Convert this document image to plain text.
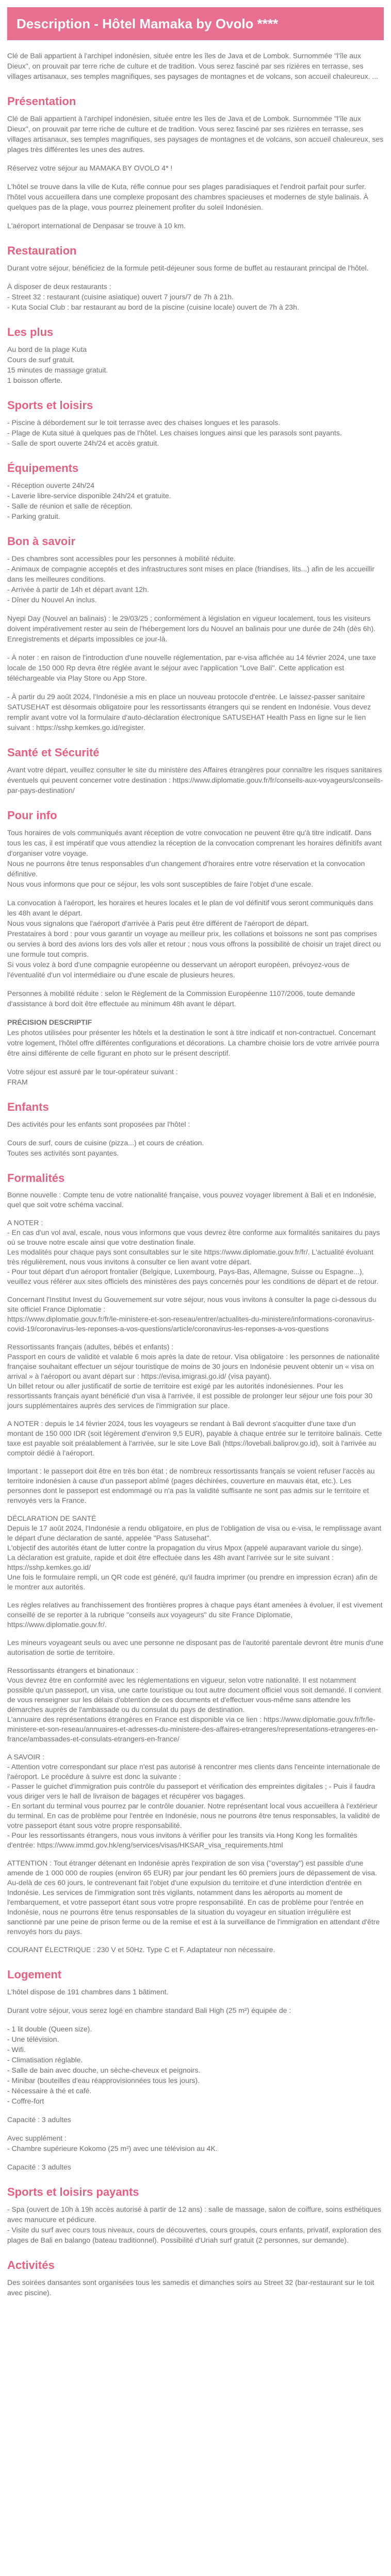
Description - Hôtel Mamaka by Ovolo ****

Clé de Bali appartient à l'archipel indonésien, située entre les îles de Java et de Lombok. Surnommée "l'île aux Dieux", on prouvait par terre riche de culture et de tradition. Vous serez fasciné par ses rizières en terrasse, ses villages artisanaux, ses temples magnifiques, ses paysages de montagnes et de volcans, son accueil chaleureux. ...

Présentation

Clé de Bali appartient à l'archipel indonésien, située entre les îles de Java et de Lombok. Surnommée "l'île aux Dieux", on prouvait par terre riche de culture et de tradition. Vous serez fasciné par ses rizières en terrasse, ses villages artisanaux, ses temples magnifiques, ses paysages de montagnes et de volcans, son accueil chaleureux, ses plages très différentes les unes des autres.

Réservez votre séjour au MAMAKA BY OVOLO 4* !

L'hôtel se trouve dans la ville de Kuta, réfle connue pour ses plages paradisiaques et l'endroit parfait pour surfer. l'hôtel vous accueillera dans une complexe proposant des chambres spacieuses et modernes de style balinais. À quelques pas de la plage, vous pourrez pleinement profiter du soleil Indonésien.

L'aéroport international de Denpasar se trouve à 10 km.

Restauration

Durant votre séjour, bénéficiez de la formule petit-déjeuner sous forme de buffet au restaurant principal de l'hôtel.

À disposer de deux restaurants :
- Street 32 : restaurant (cuisine asiatique) ouvert 7 jours/7 de 7h à 21h.
- Kuta Social Club : bar restaurant au bord de la piscine (cuisine locale) ouvert de 7h à 23h.

Les plus
Au bord de la plage Kuta
Cours de surf gratuit.
15 minutes de massage gratuit.
1 boisson offerte.
Sports et loisirs
- Piscine à débordement sur le toit terrasse avec des chaises longues et les parasols.
- Plage de Kuta situé à quelques pas de l'hôtel. Les chaises longues ainsi que les parasols sont payants.
- Salle de sport ouverte 24h/24 et accès gratuit.
Équipements
- Réception ouverte 24h/24
- Laverie libre-service disponible 24h/24 et gratuite.
- Salle de réunion et salle de réception.
- Parking gratuit.
Bon à savoir

- Des chambres sont accessibles pour les personnes à mobilité réduite.
- Animaux de compagnie acceptés et des infrastructures sont mises en place (friandises, lits...) afin de les accueillir dans les meilleures conditions.
- Arrivée à partir de 14h et départ avant 12h.
- Dîner du Nouvel An inclus.

Nyepi Day (Nouvel an balinais) : le 29/03/25 ; conformément à législation en vigueur localement, tous les visiteurs doivent impérativement rester au sein de l'hébergement lors du Nouvel an balinais pour une durée de 24h (dès 6h). Enregistrements et départs impossibles ce jour-là.

- À noter : en raison de l'introduction d'une nouvelle réglementation, par e-visa affichée au 14 février 2024, une taxe locale de 150 000 Rp devra être réglée avant le séjour avec l'application "Love Bali". Cette application est téléchargeable via Play Store ou App Store.

- À partir du 29 août 2024, l'Indonésie a mis en place un nouveau protocole d'entrée. Le laissez-passer sanitaire SATUSEHAT est désormais obligatoire pour les ressortissants étrangers qui se rendent en Indonésie. Vous devez remplir avant votre vol la formulaire d'auto-déclaration électronique SATUSEHAT Health Pass en ligne sur le lien suivant : https://sshp.kemkes.go.id/register.

Santé et Sécurité

Avant votre départ, veuillez consulter le site du ministère des Affaires étrangères pour connaître les risques sanitaires éventuels qui peuvent concerner votre destination : https://www.diplomatie.gouv.fr/fr/conseils-aux-voyageurs/conseils-par-pays-destination/

Pour info

Tous horaires de vols communiqués avant réception de votre convocation ne peuvent être qu'à titre indicatif. Dans tous les cas, il est impératif que vous attendiez la réception de la convocation comprenant les horaires définitifs avant d'organiser votre voyage.
Nous ne pourrons être tenus responsables d'un changement d'horaires entre votre réservation et la convocation définitive.
Nous vous informons que pour ce séjour, les vols sont susceptibles de faire l'objet d'une escale.

La convocation à l'aéroport, les horaires et heures locales et le plan de vol définitif vous seront communiqués dans les 48h avant le départ.
Nous vous signalons que l'aéroport d'arrivée à Paris peut être différent de l'aéroport de départ.
Prestataires à bord : pour vous garantir un voyage au meilleur prix, les collations et boissons ne sont pas comprises ou servies à bord des avions lors des vols aller et retour ; nous vous offrons la possibilité de choisir un trajet direct ou une formule tout compris.
Si vous volez à bord d'une compagnie européenne ou desservant un aéroport européen, prévoyez-vous de l'éventualité d'un vol intermédiaire ou d'une escale de plusieurs heures.

Personnes à mobilité réduite : selon le Règlement de la Commission Européenne 1107/2006, toute demande d'assistance à bord doit être effectuée au minimum 48h avant le départ.

PRÉCISION DESCRIPTIF

Les photos utilisées pour présenter les hôtels et la destination le sont à titre indicatif et non-contractuel. Concernant votre logement, l'hôtel offre différentes configurations et décorations. La chambre choisie lors de votre arrivée pourra être ainsi différente de celle figurant en photo sur le présent descriptif.

Votre séjour est assuré par le tour-opérateur suivant :
FRAM

Enfants

Des activités pour les enfants sont proposées par l'hôtel :

Cours de surf, cours de cuisine (pizza...) et cours de création.
Toutes ses activités sont payantes.

Formalités

Bonne nouvelle : Compte tenu de votre nationalité française, vous pouvez voyager librement à Bali et en Indonésie, quel que soit votre schéma vaccinal.

A NOTER :
- En cas d'un vol aval, escale, nous vous informons que vous devrez être conforme aux formalités sanitaires du pays où se trouve notre escale ainsi que votre destination finale.
Les modalités pour chaque pays sont consultables sur le site https://www.diplomatie.gouv.fr/fr/. L'actualité évoluant très régulièrement, nous vous invitons à consulter ce lien avant votre départ.
- Pour tout départ d'un aéroport frontalier (Belgique, Luxembourg, Pays-Bas, Allemagne, Suisse ou Espagne...), veuillez vous référer aux sites officiels des ministères des pays concernés pour les conditions de départ et de retour.

Concernant l'Institut Invest du Gouvernement sur votre séjour, nous vous invitons à consulter la page ci-dessous du site officiel France Diplomatie :
https://www.diplomatie.gouv.fr/fr/le-ministere-et-son-reseau/entrer/actualites-du-ministere/informations-coronavirus-covid-19/coronavirus-les-reponses-a-vos-questions/article/coronavirus-les-reponses-a-vos-questions

Ressortissants français (adultes, bébés et enfants) :
Passport en cours de validité et valable 6 mois après la date de retour. Visa obligatoire : les personnes de nationalité française souhaitant effectuer un séjour touristique de moins de 30 jours en Indonésie peuvent obtenir un « visa on arrival » à l'aéroport ou avant départ sur : https://evisa.imigrasi.go.id/ (visa payant).
Un billet retour ou aller justificatif de sortie de territoire est exigé par les autorités indonésiennes. Pour les ressortissants français ayant bénéficié d'un visa à l'arrivée, il est possible de prolonger leur séjour une fois pour 30 jours supplémentaires auprès des services de l'immigration sur place.

A NOTER : depuis le 14 février 2024, tous les voyageurs se rendant à Bali devront s'acquitter d'une taxe d'un montant de 150 000 IDR (soit légèrement d'environ 9,5 EUR), payable à chaque entrée sur le territoire balinais. Cette taxe est payable soit préalablement à l'arrivée, sur le site Love Bali (https://lovebali.baliprov.go.id), soit à l'arrivée au comptoir dédié à l'aéroport.

Important : le passeport doit être en très bon état ; de nombreux ressortissants français se voient refuser l'accès au territoire indonésien à cause d'un passeport abîmé (pages déchirées, couverture en mauvais état, etc.). Les personnes dont le passeport est endommagé ou n'a pas la validité suffisante ne sont pas admis sur le territoire et renvoyés vers la France.

DÉCLARATION DE SANTÉ
Depuis le 17 août 2024, l'Indonésie a rendu obligatoire, en plus de l'obligation de visa ou e-visa, le remplissage avant le départ d'une déclaration de santé, appelée "Pass Satusehat".
L'objectif des autorités étant de lutter contre la propagation du virus Mpox (appelé auparavant variole du singe).
La déclaration est gratuite, rapide et doit être effectuée dans les 48h avant l'arrivée sur le site suivant :
https://sshp.kemkes.go.id/
Une fois le formulaire rempli, un QR code est généré, qu'il faudra imprimer (ou prendre en impression écran) afin de le montrer aux autorités.

Les règles relatives au franchissement des frontières propres à chaque pays étant amenées à évoluer, il est vivement conseillé de se reporter à la rubrique "conseils aux voyageurs" du site France Diplomatie, https://www.diplomatie.gouv.fr/.

Les mineurs voyageant seuls ou avec une personne ne disposant pas de l'autorité parentale devront être munis d'une autorisation de sortie de territoire.

Ressortissants étrangers et binationaux :
Vous devrez être en conformité avec les réglementations en vigueur, selon votre nationalité. Il est notamment possible qu'un passeport, un visa, une carte touristique ou tout autre document officiel vous soit demandé. Il convient de vous renseigner sur les délais d'obtention de ces documents et d'effectuer vous-même sans attendre les démarches auprès de l'ambassade ou du consulat du pays de destination.
L'annuaire des représentations étrangères en France est disponible via ce lien : https://www.diplomatie.gouv.fr/fr/le-ministere-et-son-reseau/annuaires-et-adresses-du-ministere-des-affaires-etrangeres/representations-etrangeres-en-france/ambassades-et-consulats-etrangers-en-france/

A SAVOIR :
- Attention votre correspondant sur place n'est pas autorisé à rencontrer mes clients dans l'enceinte internationale de l'aéroport. Le procédure à suivre est donc la suivante :
- Passer le guichet d'immigration puis contrôle du passeport et vérification des empreintes digitales ; - Puis il faudra vous diriger vers le hall de livraison de bagages et récupérer vos bagages.
- En sortant du terminal vous pourrez par le contrôle douanier. Notre représentant local vous accueillera à l'extérieur du terminal. En cas de problème pour l'entrée en Indonésie, nous ne pourrons être tenus responsables, la validité de votre passeport étant sous votre propre responsabilité.
- Pour les ressortissants étrangers, nous vous invitons à vérifier pour les transits via Hong Kong les formalités d'entrée: https://www.immd.gov.hk/eng/services/visas/HKSAR_visa_requirements.html

ATTENTION : Tout étranger détenant en Indonésie après l'expiration de son visa ("overstay") est passible d'une amende de 1 000 000 de roupies (environ 65 EUR) par jour pendant les 60 premiers jours de dépassement de visa. Au-delà de ces 60 jours, le contrevenant fait l'objet d'une expulsion du territoire et d'une interdiction d'entrée en Indonésie. Les services de l'immigration sont très vigilants, notamment dans les aéroports au moment de l'embarquement, et votre passeport étant sous votre propre responsabilité. En cas de problème pour l'entrée en Indonésie, nous ne pourrons être tenus responsables de la situation du voyageur en situation irrégulière est sanctionné par une peine de prison ferme ou de la remise et est à la surveillance de l'immigration en attendant d'être renvoyés hors du pays.

COURANT ÉLECTRIQUE : 230 V et 50Hz. Type C et F. Adaptateur non nécessaire.

Logement

L'hôtel dispose de 191 chambres dans 1 bâtiment.

Durant votre séjour, vous serez logé en chambre standard Bali High (25 m²) équipée de :

- 1 lit double (Queen size).
- Une télévision.
- Wifi.
- Climatisation réglable.
- Salle de bain avec douche, un sèche-cheveux et peignoirs.
- Minibar (bouteilles d'eau réapprovisionnées tous les jours).
- Nécessaire à thé et café.
- Coffre-fort

Capacité : 3 adultes

Avec supplément :
- Chambre supérieure Kokomo (25 m²) avec une télévision au 4K.

Capacité : 3 adultes

Sports et loisirs payants

- Spa (ouvert de 10h à 19h accès autorisé à partir de 12 ans) : salle de massage, salon de coiffure, soins esthétiques avec manucure et pédicure.
- Visite du surf avec cours tous niveaux, cours de découvertes, cours groupés, cours enfants, privatif, exploration des plages de Bali en balango (bateau traditionnel). Possibilité d'Uriah surf gratuit (2 personnes, sur demande).

Activités

Des soirées dansantes sont organisées tous les samedis et dimanches soirs au Street 32 (bar-restaurant sur le toit avec piscine).
